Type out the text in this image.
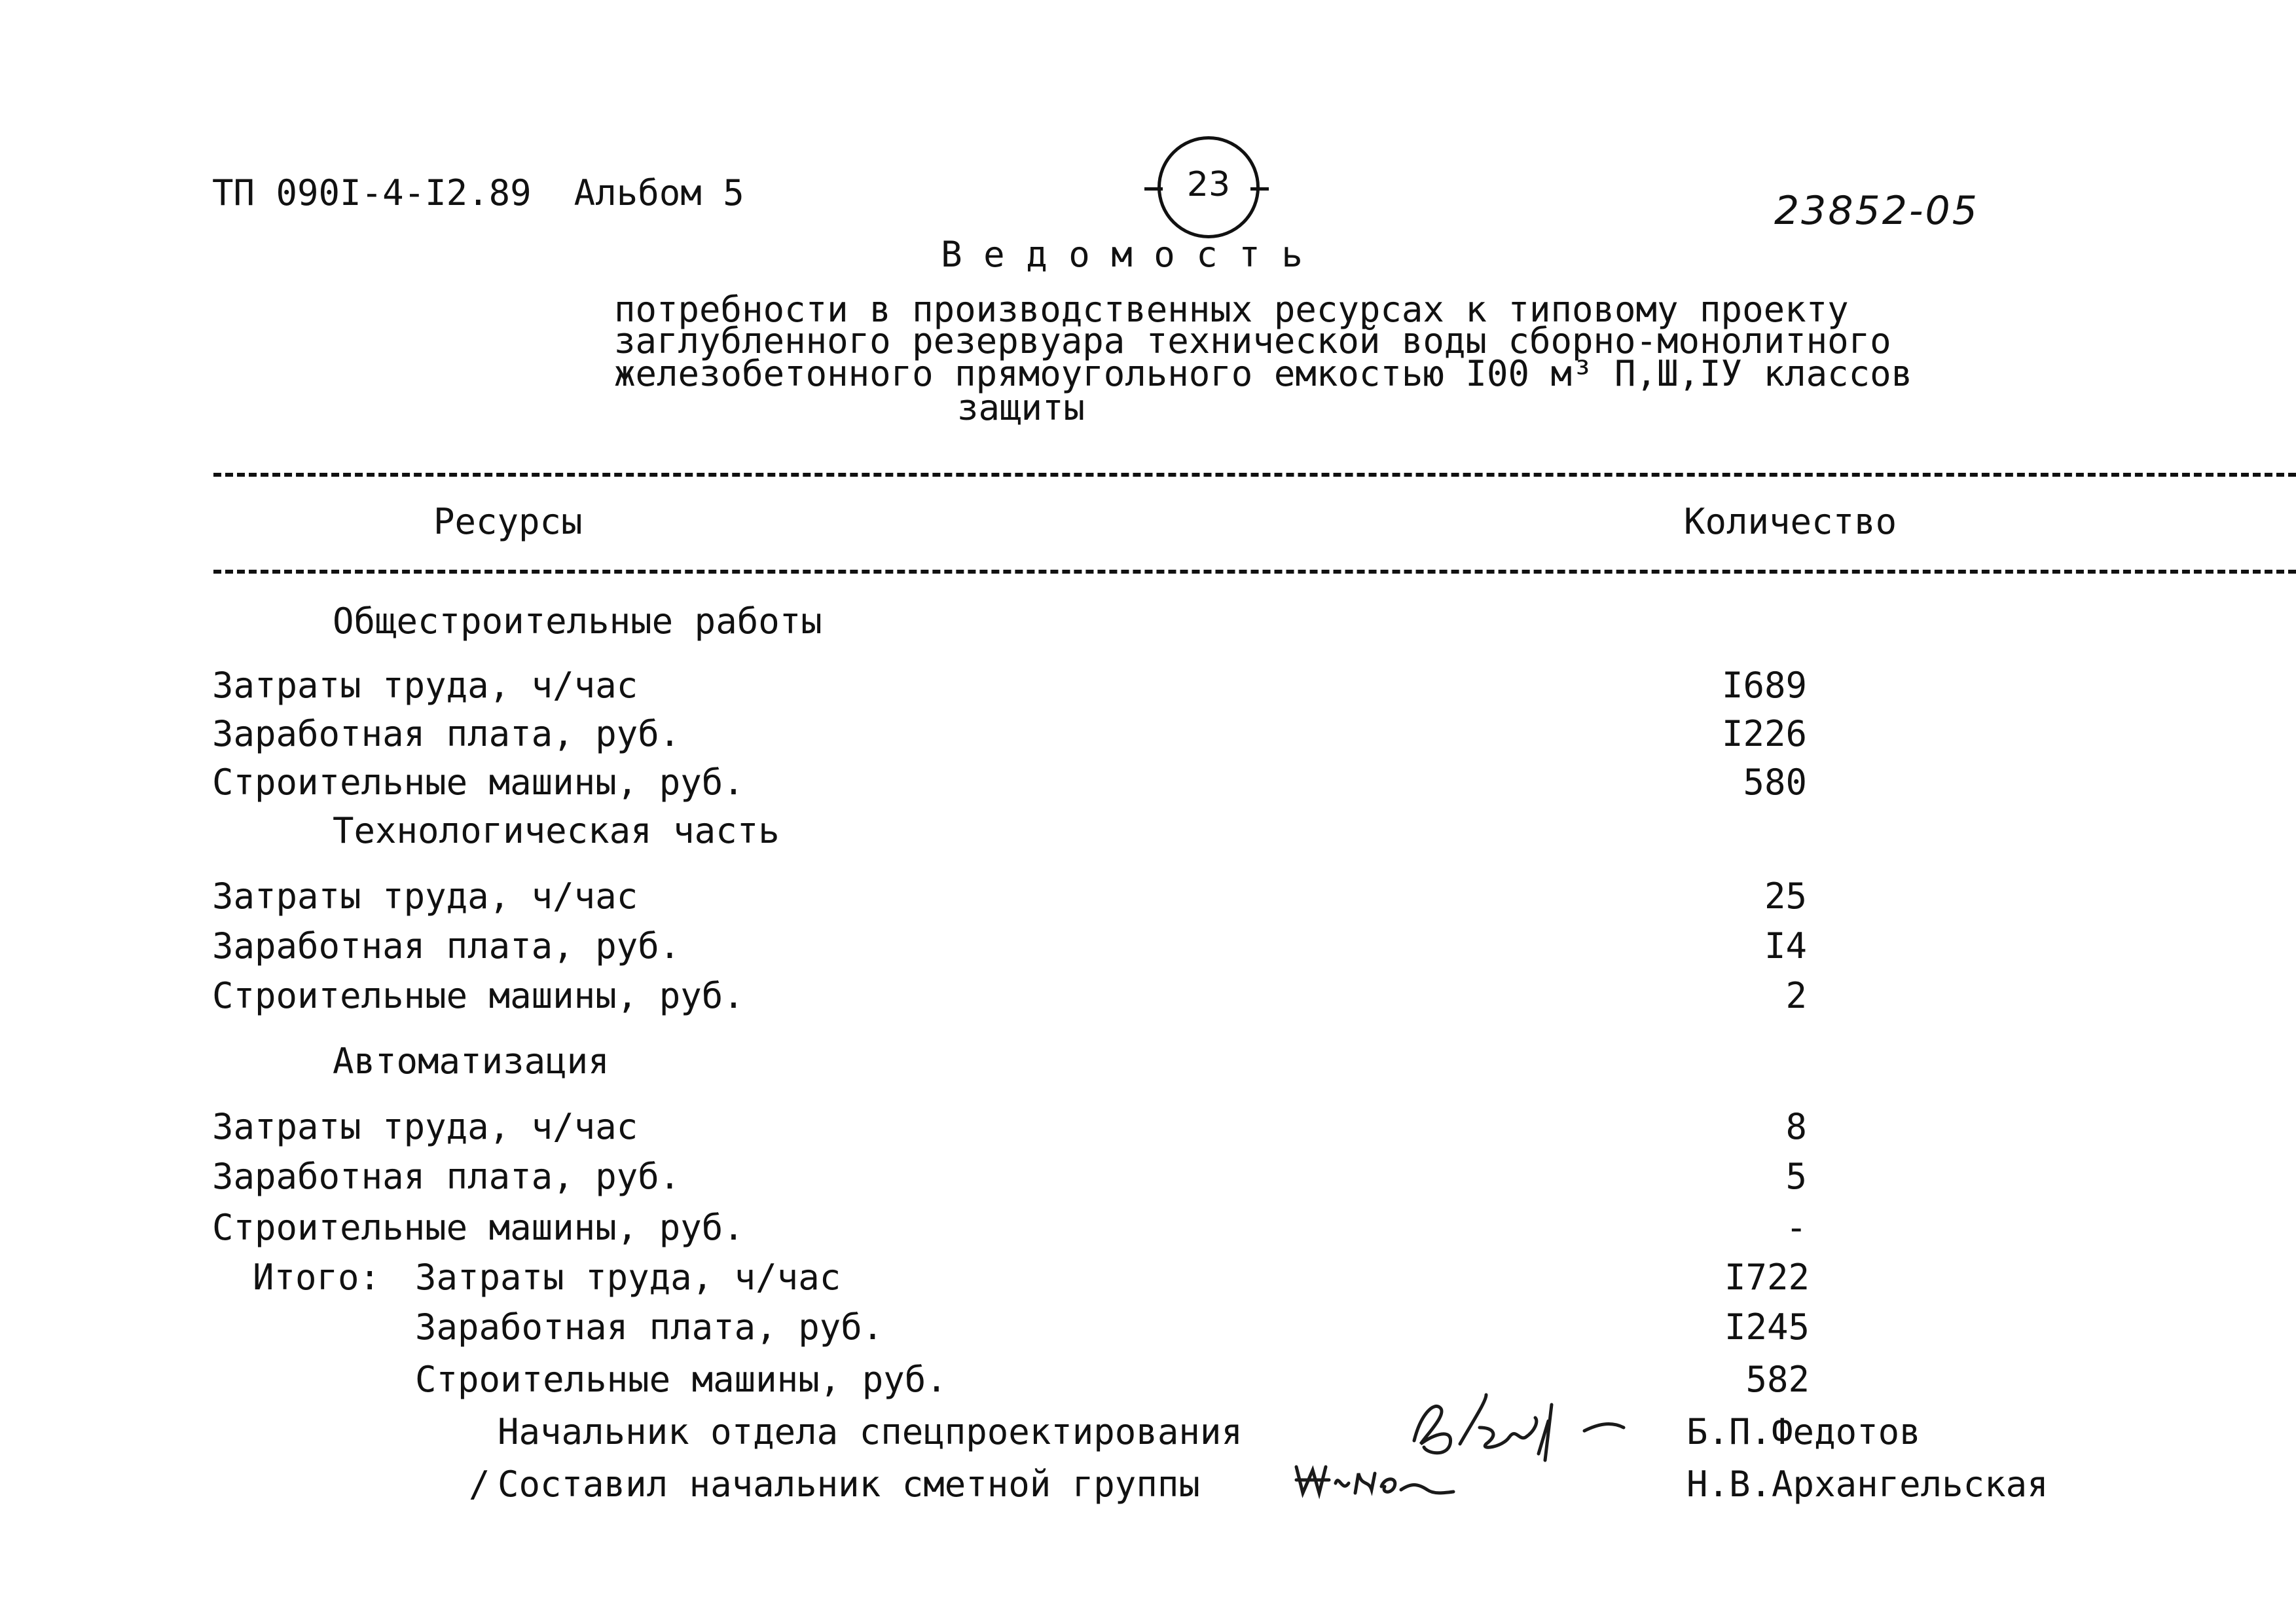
ТП 090I-4-I2.89  Альбом 5	23
23852-05
В е д о м о с т ь
потребности в производственных ресурсах к типовому проекту
заглубленного резервуара технической воды сборно-монолитного
железобетонного прямоугольного емкостью I00 м³ П,Ш,IУ классов
защиты
Ресурсы	Количество
Общестроительные работы
Затраты труда, ч/час	I689
Заработная плата, руб.	I226
Строительные машины, руб.	580
Технологическая часть
Затраты труда, ч/час	25
Заработная плата, руб.	I4
Строительные машины, руб.	2
Автоматизация
Затраты труда, ч/час	8
Заработная плата, руб.	5
Строительные машины, руб.	-
Итого: Затраты труда, ч/час	I722
Заработная плата, руб.	I245
Строительные машины, руб.	582
Начальник отдела спецпроектирования	Б.П.Федотов
/ Составил начальник сметной группы	Н.В.Архангельская
